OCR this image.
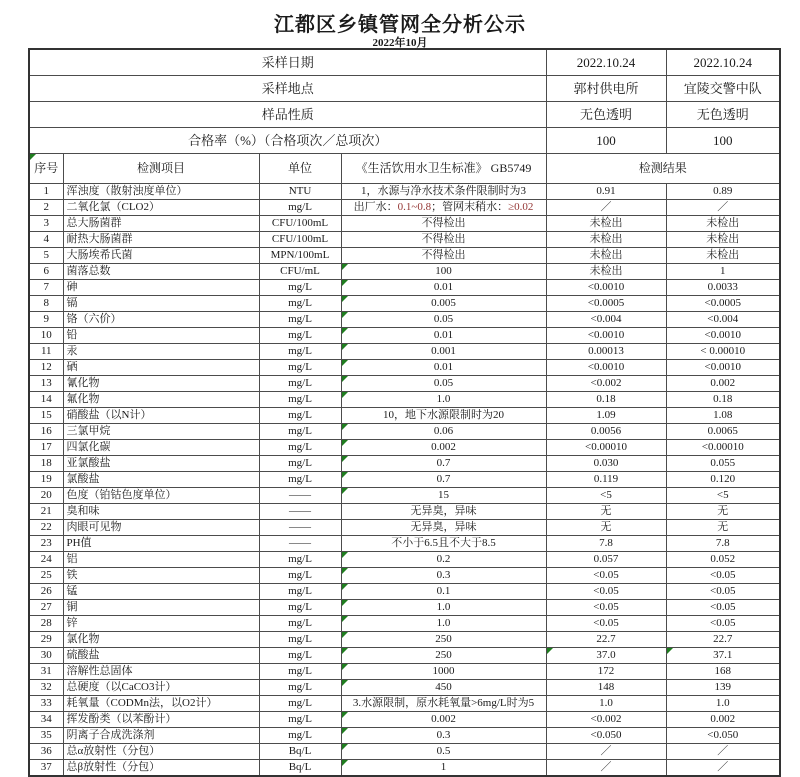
江都区乡镇管网全分析公示
2022年10月
采样日期				2022.10.24	2022.10.24
采样地点				郭村供电所	宜陵交警中队
样品性质				无色透明	无色透明
合格率（%）（合格项次／总项次）				100	100

序号	检测项目	单位	《生活饮用水卫生标准》 GB5749	检测结果	
1	浑浊度（散射浊度单位）	NTU	1，水源与净水技术条件限制时为3	0.91	0.89
2	二氧化氯（CLO2）	mg/L	出厂水：0.1~0.8；管网末稍水：≥0.02	／	／
3	总大肠菌群	CFU/100mL	不得检出	未检出	未检出
4	耐热大肠菌群	CFU/100mL	不得检出	未检出	未检出
5	大肠埃希氏菌	MPN/100mL	不得检出	未检出	未检出
6	菌落总数	CFU/mL	100	未检出	1
7	砷	mg/L	0.01	<0.0010	0.0033
8	镉	mg/L	0.005	<0.0005	<0.0005
9	铬（六价）	mg/L	0.05	<0.004	<0.004
10	铅	mg/L	0.01	<0.0010	<0.0010
11	汞	mg/L	0.001	0.00013	< 0.00010
12	硒	mg/L	0.01	<0.0010	<0.0010
13	氰化物	mg/L	0.05	<0.002	0.002
14	氟化物	mg/L	1.0	0.18	0.18
15	硝酸盐（以N计）	mg/L	10，地下水源限制时为20	1.09	1.08
16	三氯甲烷	mg/L	0.06	0.0056	0.0065
17	四氯化碳	mg/L	0.002	<0.00010	<0.00010
18	亚氯酸盐	mg/L	0.7	0.030	0.055
19	氯酸盐	mg/L	0.7	0.119	0.120
20	色度（铂钴色度单位）	——	15	<5	<5
21	臭和味	——	无异臭，异味	无	无
22	肉眼可见物	——	无异臭，异味	无	无
23	PH值	——	不小于6.5且不大于8.5	7.8	7.8
24	铝	mg/L	0.2	0.057	0.052
25	铁	mg/L	0.3	<0.05	<0.05
26	锰	mg/L	0.1	<0.05	<0.05
27	铜	mg/L	1.0	<0.05	<0.05
28	锌	mg/L	1.0	<0.05	<0.05
29	氯化物	mg/L	250	22.7	22.7
30	硫酸盐	mg/L	250	37.0	37.1
31	溶解性总固体	mg/L	1000	172	168
32	总硬度（以CaCO3计）	mg/L	450	148	139
33	耗氧量（CODMn法，以O2计）	mg/L	3.水源限制，原水耗氧量>6mg/L时为5	1.0	1.0
34	挥发酚类（以苯酚计）	mg/L	0.002	<0.002	0.002
35	阴离子合成洗涤剂	mg/L	0.3	<0.050	<0.050
36	总α放射性（分包）	Bq/L	0.5	／	／
37	总β放射性（分包）	Bq/L	1	／	／
